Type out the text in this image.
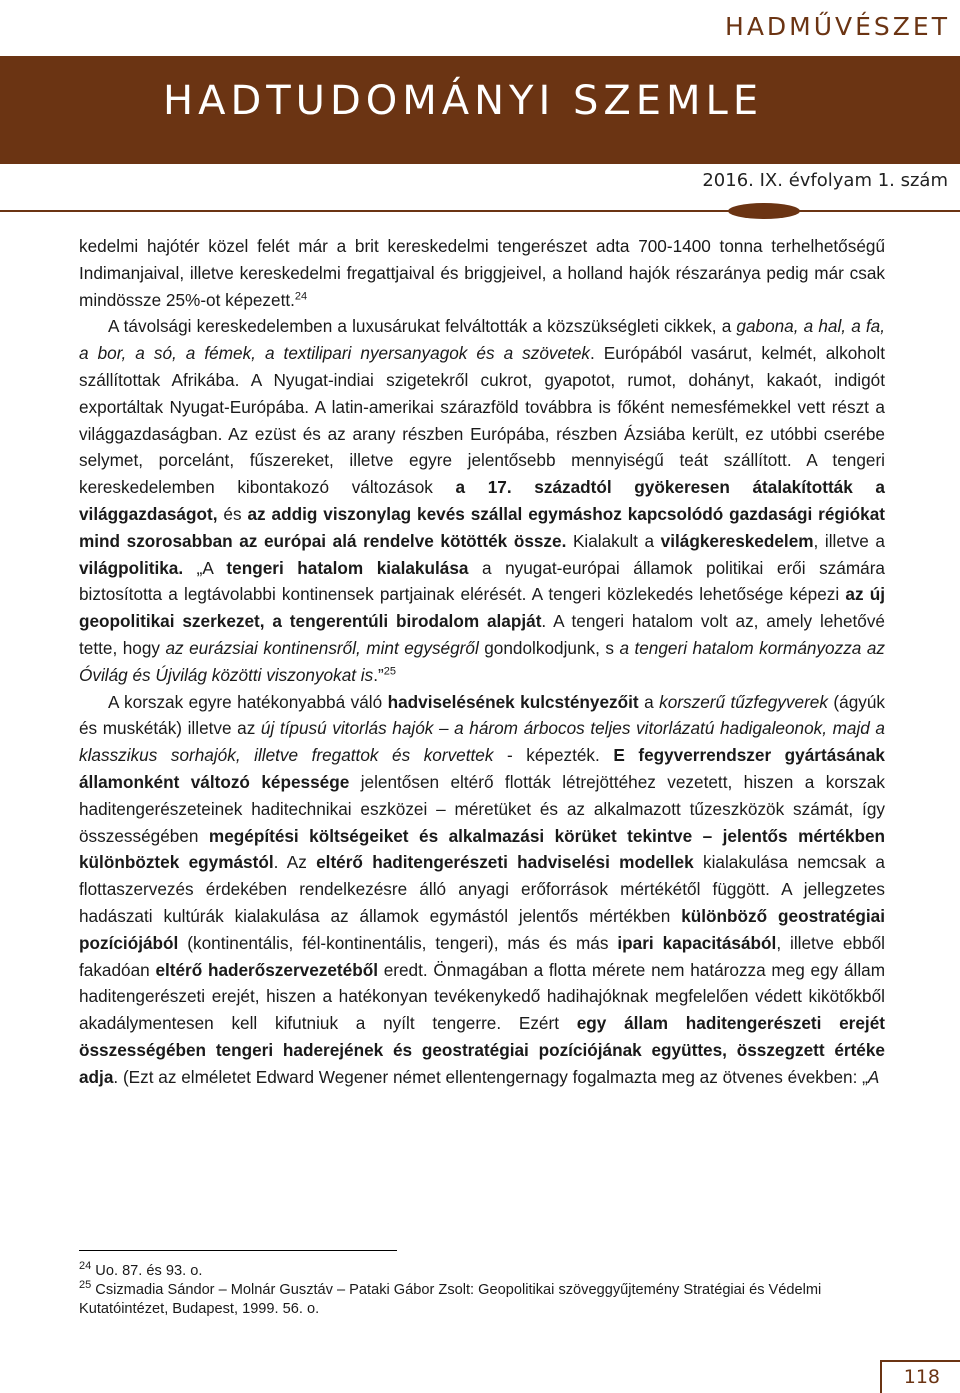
HADMŰVÉSZET
HADTUDOMÁNYI SZEMLE
2016. IX. évfolyam 1. szám

kedelmi hajótér közel felét már a brit kereskedelmi tengerészet adta 700-1400 tonna terhelhetőségű Indimanjaival, illetve kereskedelmi fregattjaival és briggjeivel, a holland hajók részaránya pedig már csak mindössze 25%-ot képezett.$^{24}$

A távolsági kereskedelemben a luxusárukat felváltották a közszükségleti cikkek, a gabona, a hal, a fa, a bor, a só, a fémek, a textilipari nyersanyagok és a szövetek. Európából vasárut, kelmét, alkoholt szállítottak Afrikába. A Nyugat-indiai szigetekről cukrot, gyapotot, rumot, dohányt, kakaót, indigót exportáltak Nyugat-Európába. A latin-amerikai szárazföld továbbra is főként nemesfémekkel vett részt a világgazdaságban. Az ezüst és az arany részben Európába, részben Ázsiába került, ez utóbbi cserébe selymet, porcelánt, fűszereket, illetve egyre jelentősebb mennyiségű teát szállított. A tengeri kereskedelemben kibontakozó változások a 17. századtól gyökeresen átalakították a világgazdaságot, és az addig viszonylag kevés szállal egymáshoz kapcsolódó gazdasági régiókat mind szorosabban az európai alá rendelve kötötték össze. Kialakult a világkereskedelem, illetve a világpolitika. „A tengeri hatalom kialakulása a nyugat-európai államok politikai erői számára biztosította a legtávolabbi kontinensek partjainak elérését. A tengeri közlekedés lehetősége képezi az új geopolitikai szerkezet, a tengerentúli birodalom alapját. A tengeri hatalom volt az, amely lehetővé tette, hogy az eurázsiai kontinensről, mint egységről gondolkodjunk, s a tengeri hatalom kormányozza az Óvilág és Újvilág közötti viszonyokat is.”$^{25}$

A korszak egyre hatékonyabbá váló hadviselésének kulcstényezőit a korszerű tűzfegyverek (ágyúk és muskéták) illetve az új típusú vitorlás hajók – a három árbocos teljes vitorlázatú hadigaleonok, majd a klasszikus sorhajók, illetve fregattok és korvettek - képezték. E fegyverrendszer gyártásának államonként változó képessége jelentősen eltérő flották létrejöttéhez vezetett, hiszen a korszak haditengerészeteinek haditechnikai eszközei – méretüket és az alkalmazott tűzeszközök számát, így összességében megépítési költségeiket és alkalmazási körüket tekintve – jelentős mértékben különböztek egymástól. Az eltérő haditengerészeti hadviselési modellek kialakulása nemcsak a flottaszervezés érdekében rendelkezésre álló anyagi erőforrások mértékétől függött. A jellegzetes hadászati kultúrák kialakulása az államok egymástól jelentős mértékben különböző geostratégiai pozíciójából (kontinentális, fél-kontinentális, tengeri), más és más ipari kapacitásából, illetve ebből fakadóan eltérő haderőszervezetéből eredt. Önmagában a flotta mérete nem határozza meg egy állam haditengerészeti erejét, hiszen a hatékonyan tevékenykedő hadihajóknak megfelelően védett kikötőkből akadálymentesen kell kifutniuk a nyílt tengerre. Ezért egy állam haditengerészeti erejét összességében tengeri haderejének és geostratégiai pozíciójának együttes, összegzett értéke adja. (Ezt az elméletet Edward Wegener német ellentengernagy fogalmazta meg az ötvenes években: „A

$^{24}$ Uo. 87. és 93. o.

$^{25}$ Csizmadia Sándor – Molnár Gusztáv – Pataki Gábor Zsolt: Geopolitikai szöveggyűjtemény Stratégiai és Védelmi Kutatóintézet, Budapest, 1999. 56. o.

118
